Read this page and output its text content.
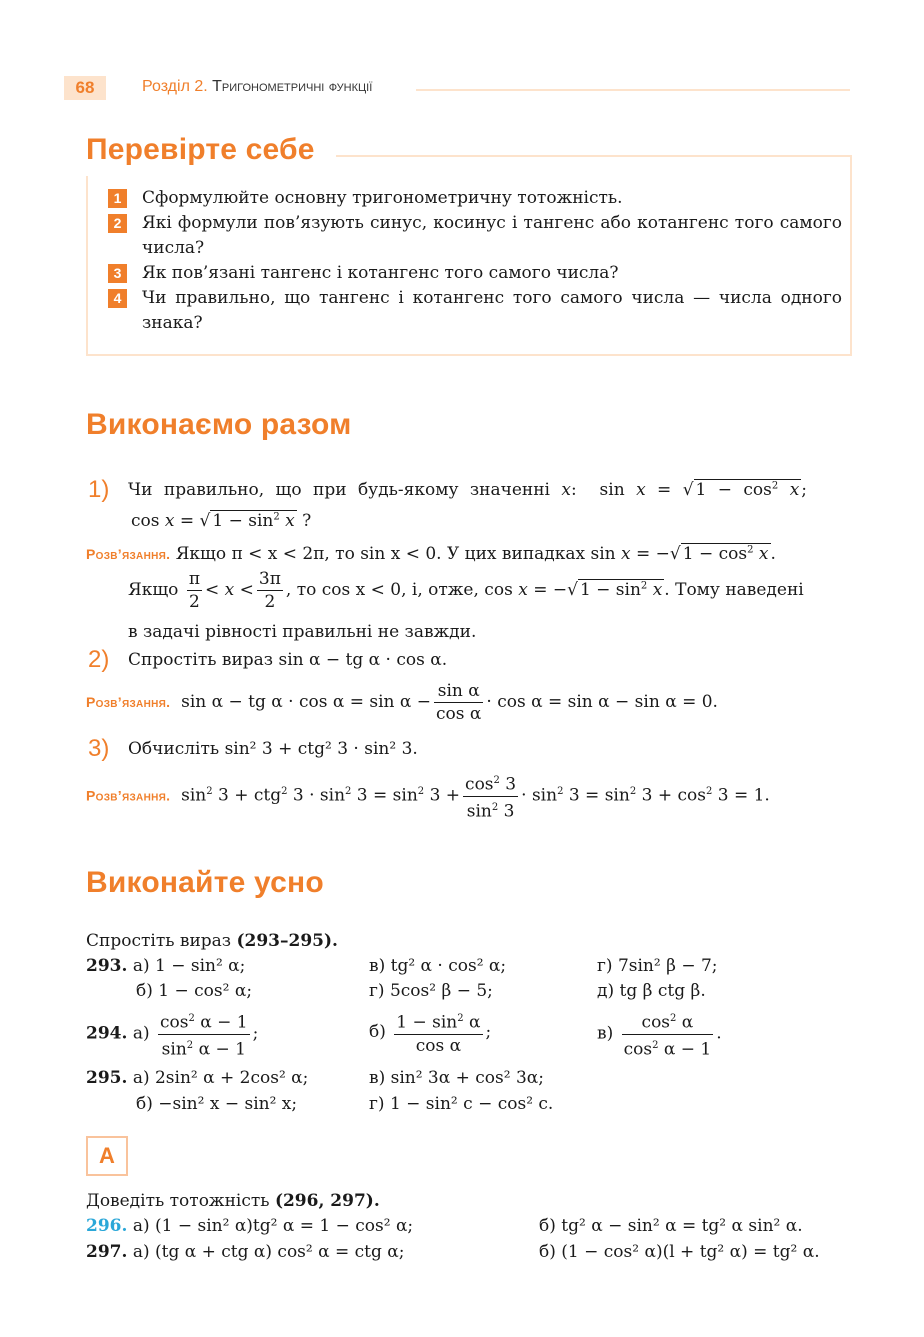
68	Розділ 2. Тригонометричні функції
Перевірте себе
1	Сформулюйте основну тригонометричну тотожність.
2	Які формули пов’язують синус, косинус і тангенс або котангенс того самого числа?
3	Як пов’язані тангенс і котангенс того самого числа?
4	Чи правильно, що тангенс і котангенс того самого числа — числа одного знака?
Виконаємо разом
1) Чи правильно, що при будь-якому значенні x:  sin x = √ $1 - \cos^2 x$ ;
cos x = √ $1 - \sin^2 x$ ?
Розв’язання. Якщо π < x < 2π, то sin x < 0. У цих випадках sin x = −√ $1 - \cos^2 x$ .
Якщо $\frac{\pi}{2} < x < \frac{3\pi}{2}$ , то cos x < 0, і, отже, cos x = −√ $1 - \sin^2 x$ . Тому наведені
в задачі рівності правильні не завжди.
2) Спростіть вираз sin α − tg α · cos α.
Розв’язання.  sin α − tg $\alpha \cdot \cos \alpha = \sin \alpha - \frac{\text{sin α}}{\text{cos α}} \cdot \cos \alpha = \sin \alpha - \sin \alpha = 0$.
3) Обчисліть sin² 3 + ctg² 3 · sin² 3.
Розв’язання.  $\sin^2 3 + ctg^2$ $3 \cdot \sin^2 3 = \sin^2 3 + \frac{\cos^2 3}{\sin^2 3} \cdot \sin^2 3 = \sin^2 3 + \cos^2 3 = 1$.
Виконайте усно
Спростіть вираз (293–295).
293. а) 1 − sin² α;	в) tg² α · cos² α;	г) 7sin² β − 7;
б) 1 − cos² α;	г) 5cos² β − 5;	д) tg β ctg β.
294. $а) \frac{\cos^2 \alpha - 1}{\sin^2 \alpha - 1}$ ;	$б) \frac{1 - \sin^2 \alpha}{\text{cos α}}$ ;	$в) \frac{\cos^2 \alpha}{\cos^2 \alpha - 1}$ .
295. а) 2sin² α + 2cos² α;	в) sin² 3α + cos² 3α;
б) −sin² x − sin² x;	г) 1 − sin² c − cos² c.
А
Доведіть тотожність (296, 297).
296. а) (1 − sin² α)tg² α = 1 − cos² α;	б) tg² α − sin² α = tg² α sin² α.
297. а) (tg α + ctg α) cos² α = ctg α;	б) (1 − cos² α)(l + tg² α) = tg² α.
